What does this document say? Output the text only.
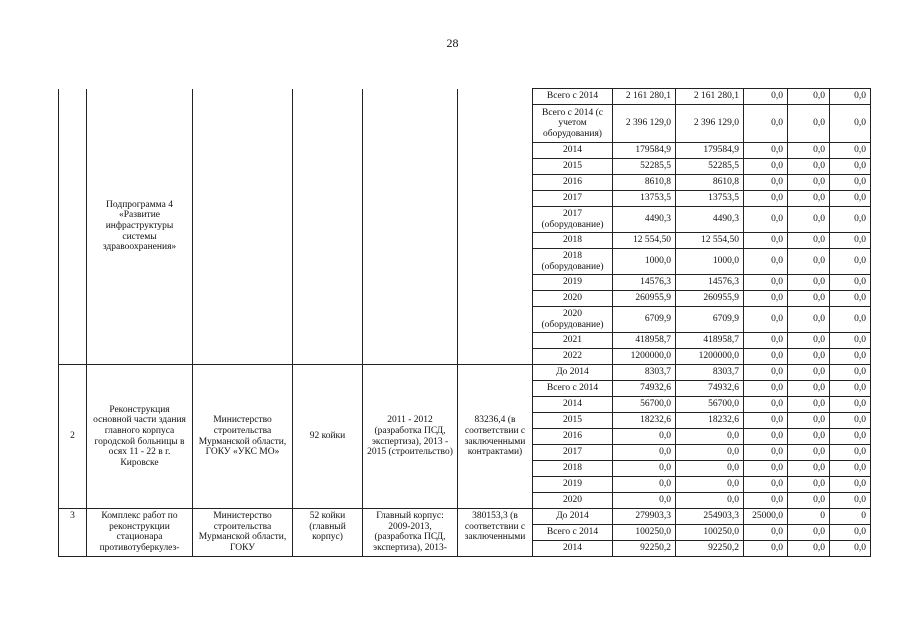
28
	Подпрограмма 4 «Развитие инфраструктуры системы здравоохранения»					Всего с 2014	2 161 280,1	2 161 280,1	0,0	0,0	0,0
						Всего с 2014 (с учетом оборудования)	2 396 129,0	2 396 129,0	0,0	0,0	0,0
						2014	179584,9	179584,9	0,0	0,0	0,0
						2015	52285,5	52285,5	0,0	0,0	0,0
						2016	8610,8	8610,8	0,0	0,0	0,0
						2017	13753,5	13753,5	0,0	0,0	0,0
						2017 (оборудование)	4490,3	4490,3	0,0	0,0	0,0
						2018	12 554,50	12 554,50	0,0	0,0	0,0
						2018 (оборудование)	1000,0	1000,0	0,0	0,0	0,0
						2019	14576,3	14576,3	0,0	0,0	0,0
						2020	260955,9	260955,9	0,0	0,0	0,0
						2020 (оборудование)	6709,9	6709,9	0,0	0,0	0,0
						2021	418958,7	418958,7	0,0	0,0	0,0
						2022	1200000,0	1200000,0	0,0	0,0	0,0
2	Реконструкция основной части здания главного корпуса городской больницы в осях 11 - 22 в г. Кировске	Министерство строительства Мурманской области, ГОКУ «УКС МО»	92 койки	2011 - 2012 (разработка ПСД, экспертиза), 2013 - 2015 (строительство)	83236,4 (в соответствии с заключенными контрактами)	До 2014	8303,7	8303,7	0,0	0,0	0,0
						Всего с 2014	74932,6	74932,6	0,0	0,0	0,0
						2014	56700,0	56700,0	0,0	0,0	0,0
						2015	18232,6	18232,6	0,0	0,0	0,0
						2016	0,0	0,0	0,0	0,0	0,0
						2017	0,0	0,0	0,0	0,0	0,0
						2018	0,0	0,0	0,0	0,0	0,0
						2019	0,0	0,0	0,0	0,0	0,0
						2020	0,0	0,0	0,0	0,0	0,0
3	Комплекс работ по реконструкции стационара противотуберкулез-	Министерство строительства Мурманской области, ГОКУ	52 койки (главный корпус)	Главный корпус: 2009-2013, (разработка ПСД, экспертиза), 2013-	380153,3 (в соответствии с заключенными	До 2014	279903,3	254903,3	25000,0	0	0
						Всего с 2014	100250,0	100250,0	0,0	0,0	0,0
						2014	92250,2	92250,2	0,0	0,0	0,0
